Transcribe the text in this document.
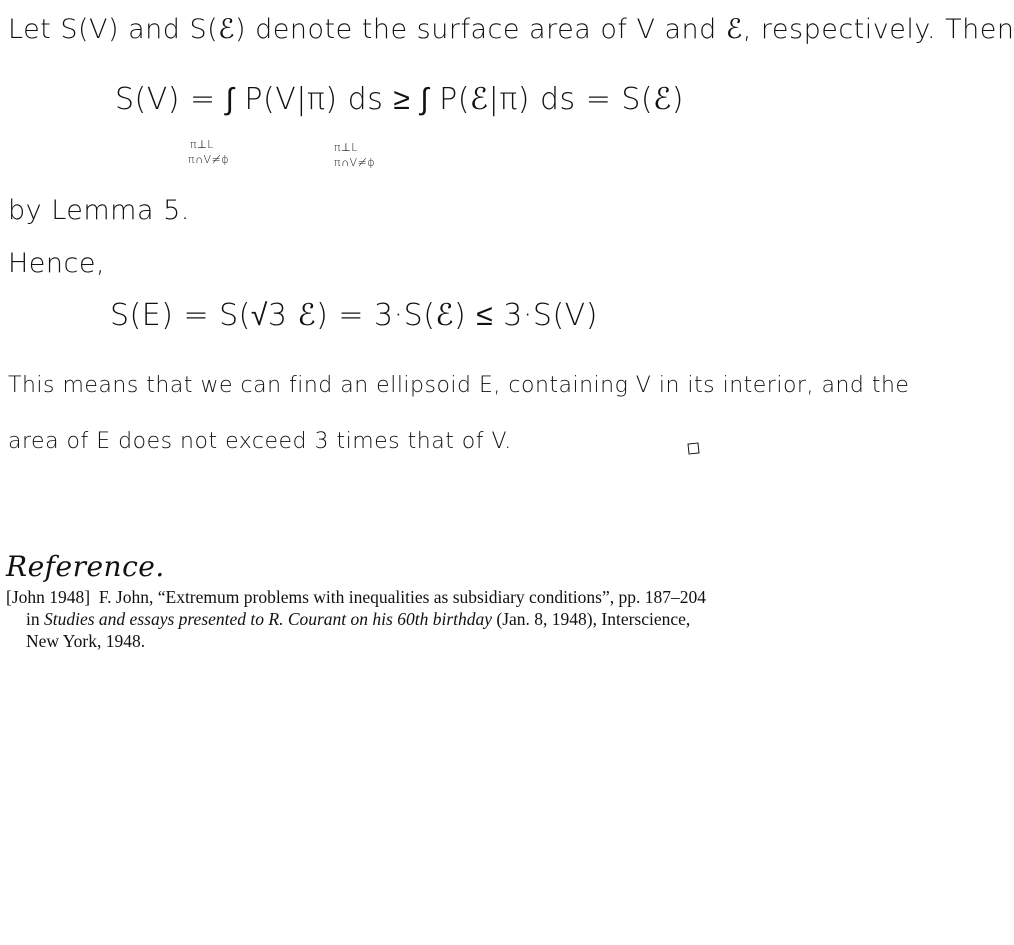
Let S(V) and S(ℰ) denote the surface area of V and ℰ, respectively. Then
S(V) = ∫ P(V|π) ds ≥ ∫ P(ℰ|π) ds = S(ℰ)
π⊥L
π∩V≠ϕ
π⊥L
π∩V≠ϕ
by Lemma 5.
Hence,
S(E) = S(√3 ℰ) = 3·S(ℰ) ≤ 3·S(V)
This means that we can find an ellipsoid E, containing V in its interior, and the
area of E does not exceed 3 times that of V.
Reference.
[John 1948] F. John, “Extremum problems with inequalities as subsidiary conditions”, pp. 187–204 in Studies and essays presented to R. Courant on his 60th birthday (Jan. 8, 1948), Interscience, New York, 1948.
